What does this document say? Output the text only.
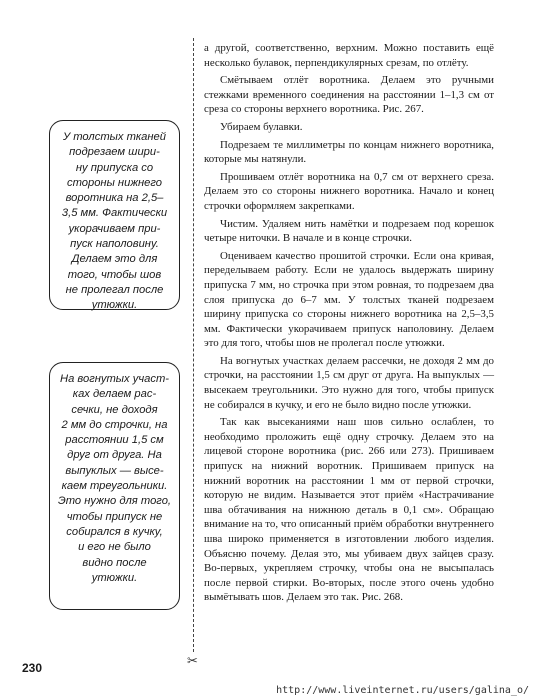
У толстых тканей
подрезаем шири-
ну припуска со
стороны нижнего
воротника на 2,5–
3,5 мм. Фактически
укорачиваем при-
пуск наполовину.
Делаем это для
того, чтобы шов
не пролегал после
утюжки.
На вогнутых участ-
ках делаем рас-
сечки, не доходя
2 мм до строчки, на
расстоянии 1,5 см
друг от друга. На
выпуклых — высе-
каем треугольники.
Это нужно для того,
чтобы припуск не
собирался в кучку,
и его не было
видно после
утюжки.
✂

а другой, соответственно, верхним. Можно поставить ещё несколько булавок, перпендикулярных срезам, по отлёту.

Смётываем отлёт воротника. Делаем это ручными стежками временного соединения на расстоянии 1–1,3 см от среза со стороны верхнего воротника. Рис. 267.

Убираем булавки.

Подрезаем те миллиметры по концам нижнего воротника, которые мы натянули.

Прошиваем отлёт воротника на 0,7 см от верхнего среза. Делаем это со стороны нижнего воротника. Начало и конец строчки оформляем закрепками.

Чистим. Удаляем нить намётки и подрезаем под корешок четыре ниточки. В начале и в конце строчки.

Оцениваем качество прошитой строчки. Если она кривая, переделываем работу. Если не удалось выдержать ширину припуска 7 мм, но строчка при этом ровная, то подрезаем два слоя припуска до 6–7 мм. У толстых тканей подрезаем ширину припуска со стороны нижнего воротника на 2,5–3,5 мм. Фактически укорачиваем припуск наполовину. Делаем это для того, чтобы шов не пролегал после утюжки.

На вогнутых участках делаем рассечки, не доходя 2 мм до строчки, на расстоянии 1,5 см друг от друга. На выпуклых — высекаем треугольники. Это нужно для того, чтобы припуск не собирался в кучку, и его не было видно после утюжки.

Так как высеканиями наш шов сильно ослаблен, то необходимо проложить ещё одну строчку. Делаем это на лицевой стороне воротника (рис. 266 или 273). Пришиваем припуск на нижний воротник. Пришиваем припуск на нижний воротник на расстоянии 1 мм от первой строчки, которую не видим. Называется этот приём «Настрачивание шва обтачивания на нижнюю деталь в 0,1 см». Обращаю внимание на то, что описанный приём обработки внутреннего шва широко применяется в изготовлении любого изделия. Объясню почему. Делая это, мы убиваем двух зайцев сразу. Во-первых, укрепляем строчку, чтобы она не высыпалась после первой стирки. Во-вторых, после этого очень удобно вымётывать шов. Делаем это так. Рис. 268.

230
http://www.liveinternet.ru/users/galina_o/
